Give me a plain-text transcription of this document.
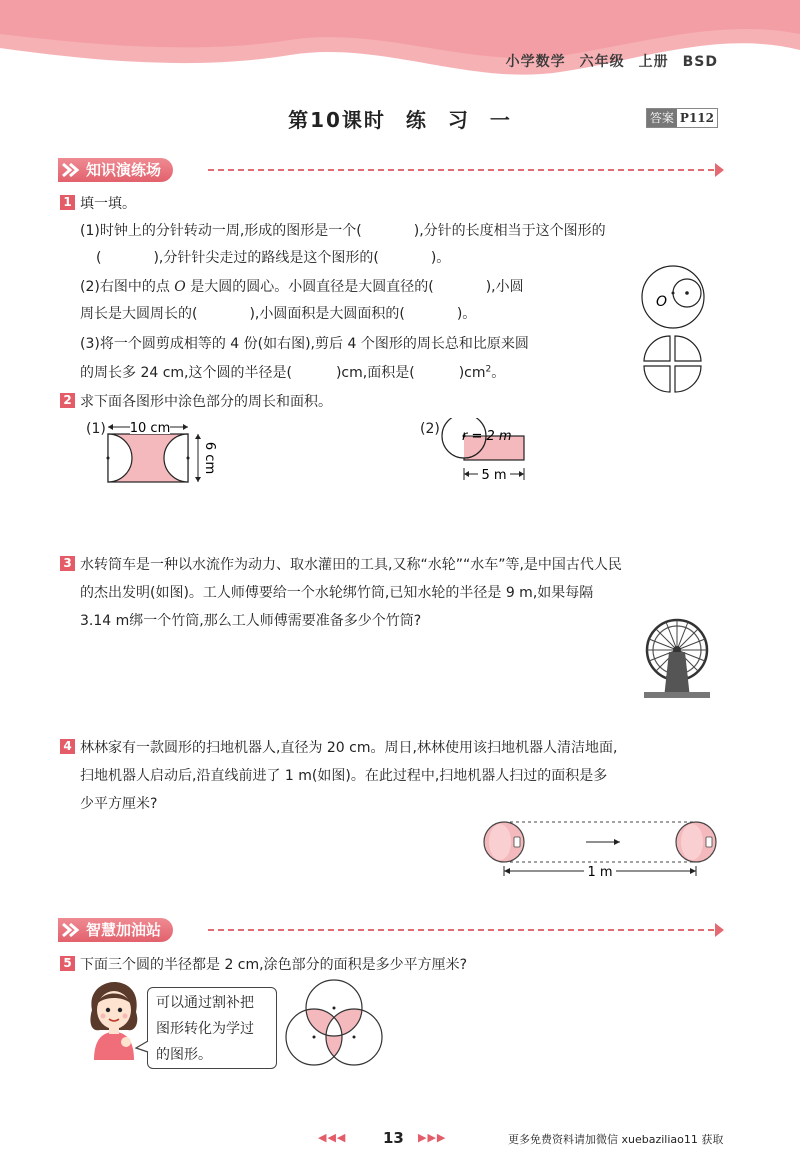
小学数学 六年级 上册 BSD
第10课时 练 习 一	答案 P112
知识演练场
1 填一填。
(1)时钟上的分针转动一周,形成的图形是一个(	),分针的长度相当于这个图形的
(	),分针针尖走过的路线是这个图形的(	)。
(2)右图中的点 O 是大圆的圆心。小圆直径是大圆直径的(	),小圆
周长是大圆周长的(	),小圆面积是大圆面积的(	)。
(3)将一个圆剪成相等的 4 份(如右图),剪后 4 个图形的周长总和比原来圆
的周长多 24 cm,这个圆的半径是(	)cm,面积是(	)$cm^2$。
O
2 求下面各图形中涂色部分的周长和面积。
(1) 10 cm
6 cm
(2) r = 2 m
5 m
3 水转筒车是一种以水流作为动力、取水灌田的工具,又称“水轮”“水车”等,是中国古代人民
的杰出发明(如图)。工人师傅要给一个水轮绑竹筒,已知水轮的半径是 9 m,如果每隔
3.14 m绑一个竹筒,那么工人师傅需要准备多少个竹筒?
4 林林家有一款圆形的扫地机器人,直径为 20 cm。周日,林林使用该扫地机器人清洁地面,
扫地机器人启动后,沿直线前进了 1 m(如图)。在此过程中,扫地机器人扫过的面积是多
少平方厘米?
1 m
智慧加油站
5 下面三个圆的半径都是 2 cm,涂色部分的面积是多少平方厘米?
可以通过割补把
图形转化为学过
的图形。
◀◀◀ 13 ▶▶▶	更多免费资料请加微信 xuebaziliao11 获取
